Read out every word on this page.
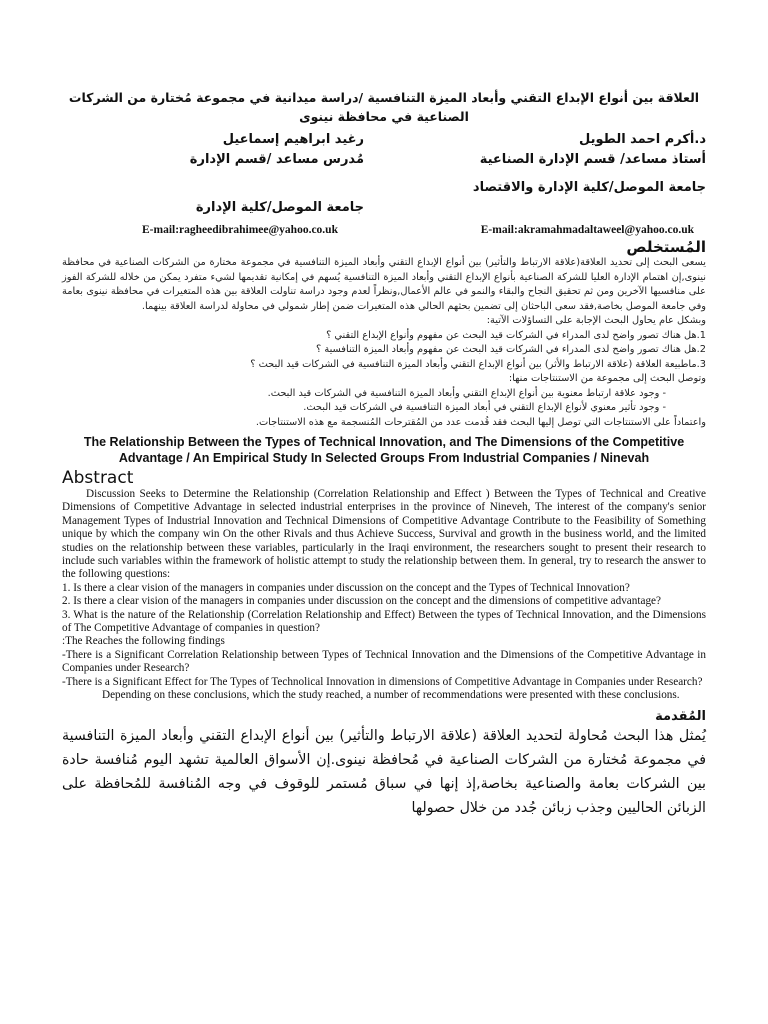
العلاقة بين أنواع الإبداع التقني وأبعاد الميزة التنافسية /دراسة ميدانية في مجموعة مُختارة من الشركات الصناعية في محافظة نينوى
د.أكرم احمد الطويل
أستاذ مساعد/ قسم الإدارة الصناعية
جامعة الموصل/كلية الإدارة والاقتصاد
رغيد ابراهيم إسماعيل
مُدرس مساعد /قسم الإدارة
جامعة الموصل/كلية الإدارة
E-mail:ragheedibrahimee@yahoo.co.uk	E-mail:akramahmadaltaweel@yahoo.co.uk
المُستخلص
يسعى البحث إلى تحديد العلاقة(علاقة الارتباط والتأثير) بين أنواع الإبداع التقني وأبعاد الميزة التنافسية في مجموعة مختارة من الشركات الصناعية في محافظة نينوى,إن اهتمام الإدارة العليا للشركة الصناعية بأنواع الإبداع التقني وأبعاد الميزة التنافسية يُسهم في إمكانية تقديمها لشيء متفرد يمكن من خلاله للشركة الفوز على منافسيها الآخرين ومن ثم تحقيق النجاح والبقاء والنمو في عالم الأعمال,ونظراً لعدم وجود دراسة تناولت العلاقة بين هذه المتغيرات في محافظة نينوى بعامة وفي جامعة الموصل بخاصة,فقد سعى الباحثان إلى تضمين بحثهم الحالي هذه المتغيرات ضمن إطار شمولي في محاولة لدراسة العلاقة بينهما.
وبشكل عام يحاول البحث الإجابة على التساؤلات الآتية:
1.هل هناك تصور واضح لدى المدراء في الشركات قيد البحث عن مفهوم وأنواع الإبداع التقني ؟
2.هل هناك تصور واضح لدى المدراء في الشركات قيد البحث عن مفهوم وأبعاد الميزة التنافسية ؟
3.ماطبيعة العلاقة (علاقة الارتباط والأثر) بين أنواع الإبداع التقني وأبعاد الميزة التنافسية في الشركات قيد البحث ؟
وتوصل البحث إلى مجموعة من الاستنتاجات منها:
- وجود علاقة ارتباط معنوية بين أنواع الإبداع التقني وأبعاد الميزة التنافسية في الشركات قيد البحث.
- وجود تأثير معنوي لأنواع الإبداع التقني في أبعاد الميزة التنافسية في الشركات قيد البحث.
واعتماداً على الاستنتاجات التي توصل إليها البحث فقد قُدمت عدد من المُقترحات المُنسجمة مع هذه الاستنتاجات.
The Relationship Between the Types of Technical Innovation, and The Dimensions of the Competitive Advantage / An Empirical Study In Selected Groups From Industrial Companies / Ninevah
Abstract

Discussion Seeks to Determine the Relationship (Correlation Relationship and Effect ) Between the Types of Technical and Creative Dimensions of Competitive Advantage in selected industrial enterprises in the province of Nineveh, The interest of the company's senior Management Types of Industrial Innovation and Technical Dimensions of Competitive Advantage Contribute to the Feasibility of Something unique by which the company win On the other Rivals and thus Achieve Success, Survival and growth in the business world, and the limited studies on the relationship between these variables, particularly in the Iraqi environment, the researchers sought to present their research to include such variables within the framework of holistic attempt to study the relationship between them. In general, try to research the answer to the following questions:

1. Is there a clear vision of the managers in companies under discussion on the concept and the Types of Technical Innovation?

2. Is there a clear vision of the managers in companies under discussion on the concept and the dimensions of competitive advantage?

3. What is the nature of the Relationship (Correlation Relationship and Effect) Between the types of Technical Innovation, and the Dimensions of The Competitive Advantage of companies in question?

:The Reaches the following findings

-There is a Significant Correlation Relationship between Types of Technical Innovation and the Dimensions of the Competitive Advantage in Companies under Research?

-There is a Significant Effect for The Types of Technolical Innovation in dimensions of Competitive Advantage in Companies under Research?

Depending on these conclusions, which the study reached, a number of recommendations were presented with these conclusions.

المُقدمة
يُمثل هذا البحث مُحاولة لتحديد العلاقة (علاقة الارتباط والتأثير) بين أنواع الإبداع التقني وأبعاد الميزة التنافسية في مجموعة مُختارة من الشركات الصناعية في مُحافظة نينوى.إن الأسواق العالمية تشهد اليوم مُنافسة حادة بين الشركات بعامة والصناعية بخاصة,إذ إنها في سباق مُستمر للوقوف في وجه المُنافسة للمُحافظة على الزبائن الحاليين وجذب زبائن جُدد من خلال حصولها
